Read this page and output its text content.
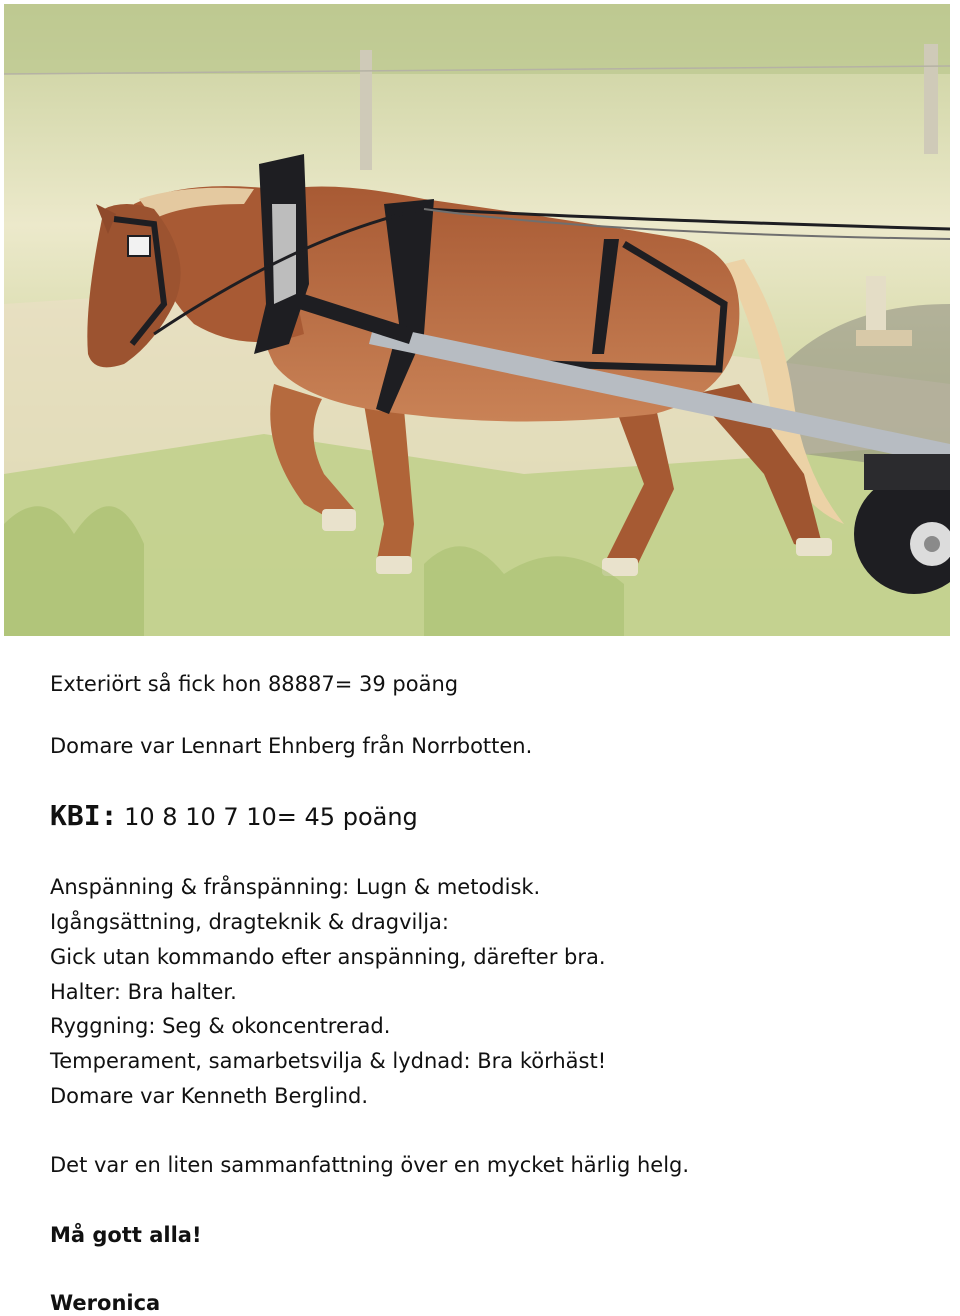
Exteriört så fick hon 88887= 39 poäng

Domare var Lennart Ehnberg från Norrbotten.

KBI: 10 8 10 7 10= 45 poäng

Anspänning & frånspänning: Lugn & metodisk.

Igångsättning, dragteknik & dragvilja:

Gick utan kommando efter anspänning, därefter bra.

Halter: Bra halter.

Ryggning: Seg & okoncentrerad.

Temperament, samarbetsvilja & lydnad: Bra körhäst!

Domare var Kenneth Berglind.

Det var en liten sammanfattning över en mycket härlig helg.

Må gott alla!

Weronica
